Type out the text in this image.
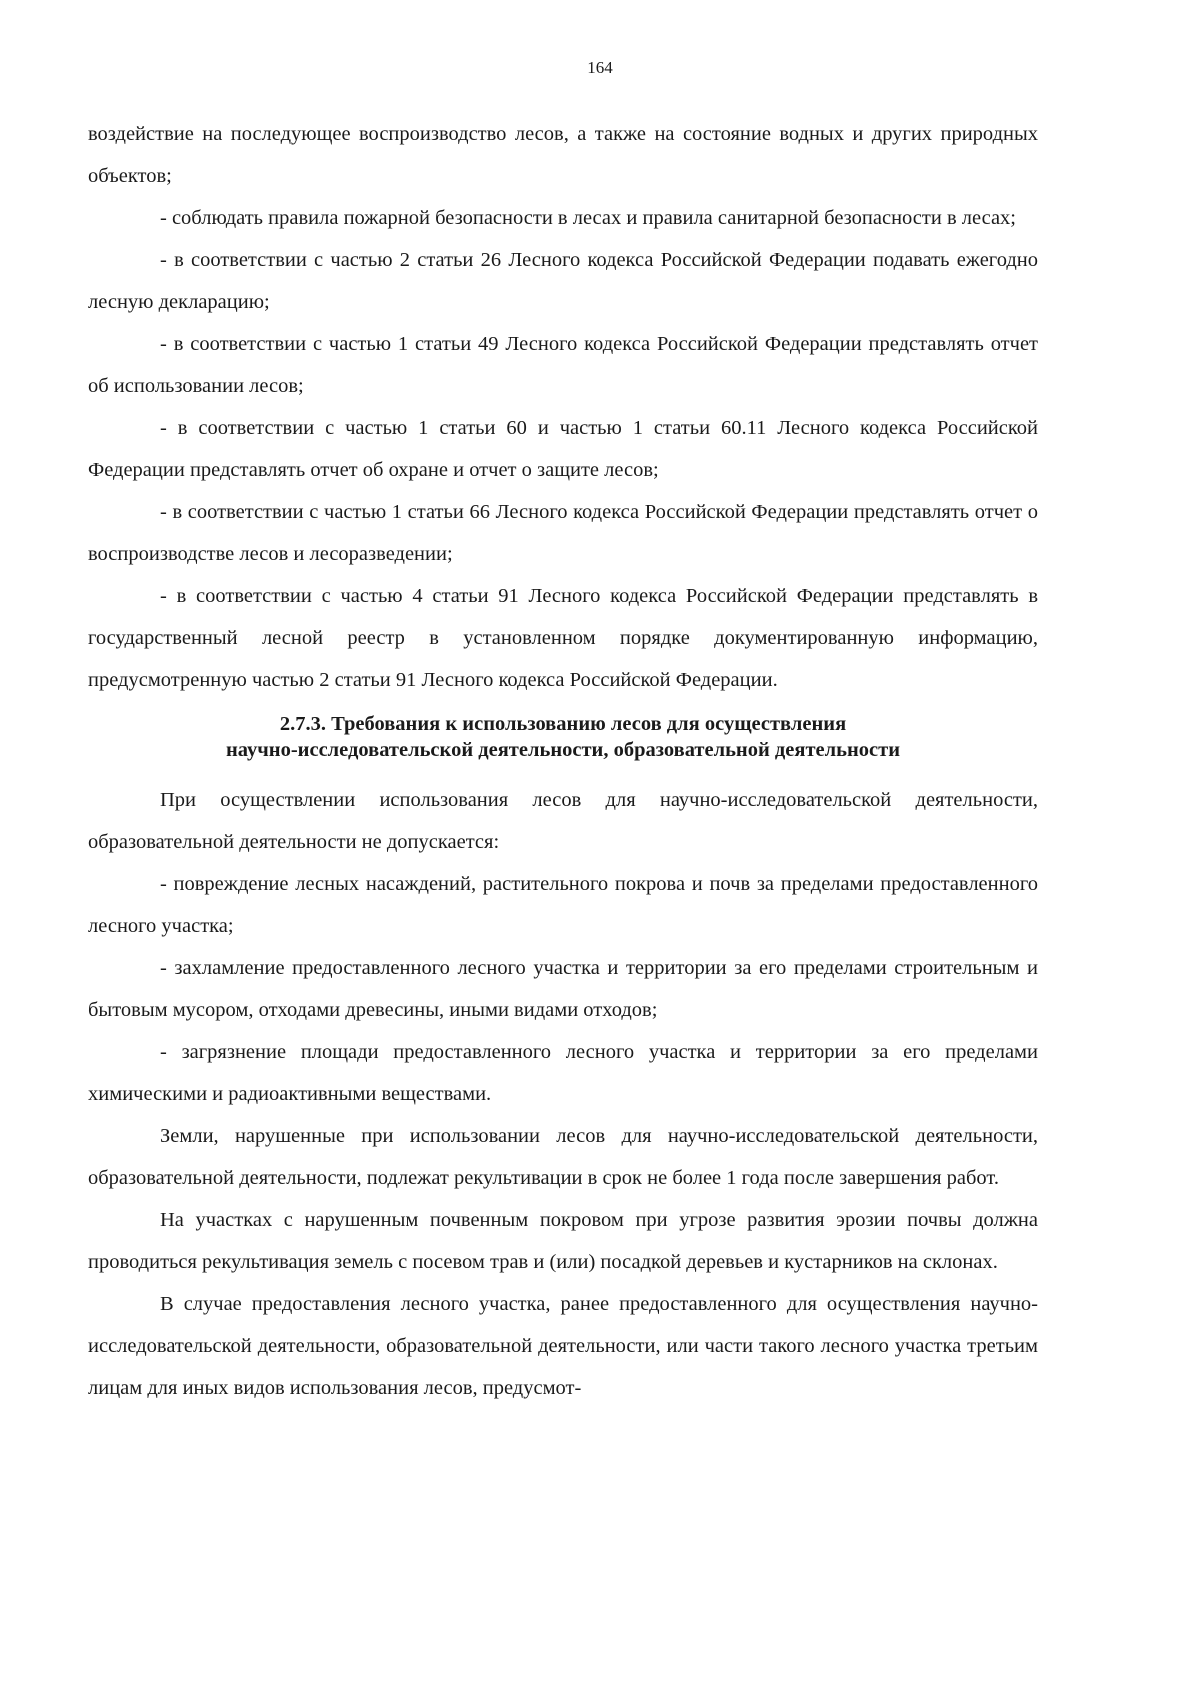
164

воздействие на последующее воспроизводство лесов, а также на состояние водных и других природных объектов;

- соблюдать правила пожарной безопасности в лесах и правила санитарной безопасности в лесах;

- в соответствии с частью 2 статьи 26 Лесного кодекса Российской Федерации подавать ежегодно лесную декларацию;

- в соответствии с частью 1 статьи 49 Лесного кодекса Российской Федерации представлять отчет об использовании лесов;

- в соответствии с частью 1 статьи 60 и частью 1 статьи 60.11 Лесного кодекса Российской Федерации представлять отчет об охране и отчет о защите лесов;

- в соответствии с частью 1 статьи 66 Лесного кодекса Российской Федерации представлять отчет о воспроизводстве лесов и лесоразведении;

- в соответствии с частью 4 статьи 91 Лесного кодекса Российской Федерации представлять в государственный лесной реестр в установленном порядке документированную информацию, предусмотренную частью 2 статьи 91 Лесного кодекса Российской Федерации.

2.7.3. Требования к использованию лесов для осуществления
научно-исследовательской деятельности, образовательной деятельности

При осуществлении использования лесов для научно-исследовательской деятельности, образовательной деятельности не допускается:

- повреждение лесных насаждений, растительного покрова и почв за пределами предоставленного лесного участка;

- захламление предоставленного лесного участка и территории за его пределами строительным и бытовым мусором, отходами древесины, иными видами отходов;

- загрязнение площади предоставленного лесного участка и территории за его пределами химическими и радиоактивными веществами.

Земли, нарушенные при использовании лесов для научно-исследовательской деятельности, образовательной деятельности, подлежат рекультивации в срок не более 1 года после завершения работ.

На участках с нарушенным почвенным покровом при угрозе развития эрозии почвы должна проводиться рекультивация земель с посевом трав и (или) посадкой деревьев и кустарников на склонах.

В случае предоставления лесного участка, ранее предоставленного для осуществления научно-исследовательской деятельности, образовательной деятельности, или части такого лесного участка третьим лицам для иных видов использования лесов, предусмот-
